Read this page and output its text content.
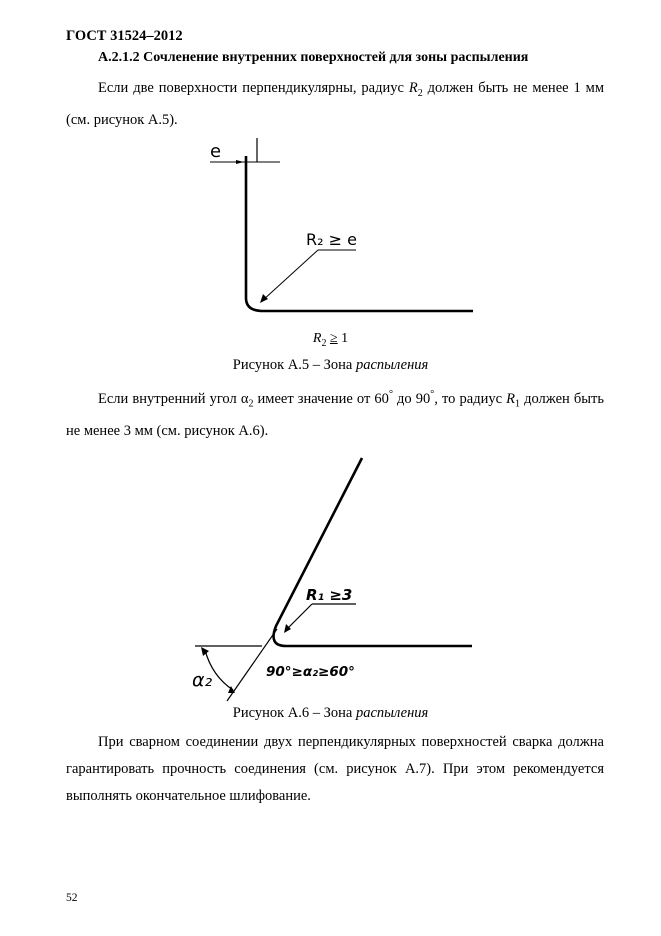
ГОСТ 31524–2012
A.2.1.2 Сочленение внутренних поверхностей для зоны распыления

Если две поверхности перпендикулярны, радиус $R_2$ должен быть не менее 1 мм (см. рисунок А.5).

e
R₂ ≥ e
$R_2 \ge 1$
Рисунок А.5 – Зона распыления

Если внутренний угол $\alpha_2$ имеет значение от 60° до 90°, то радиус $R_1$ должен быть не менее 3 мм (см. рисунок А.6).

R₁ ≥3
α₂	90°≥α₂≥60°
Рисунок А.6 – Зона распыления

При сварном соединении двух перпендикулярных поверхностей сварка должна гарантировать прочность соединения (см. рисунок А.7). При этом рекомендуется выполнять окончательное шлифование.

52
